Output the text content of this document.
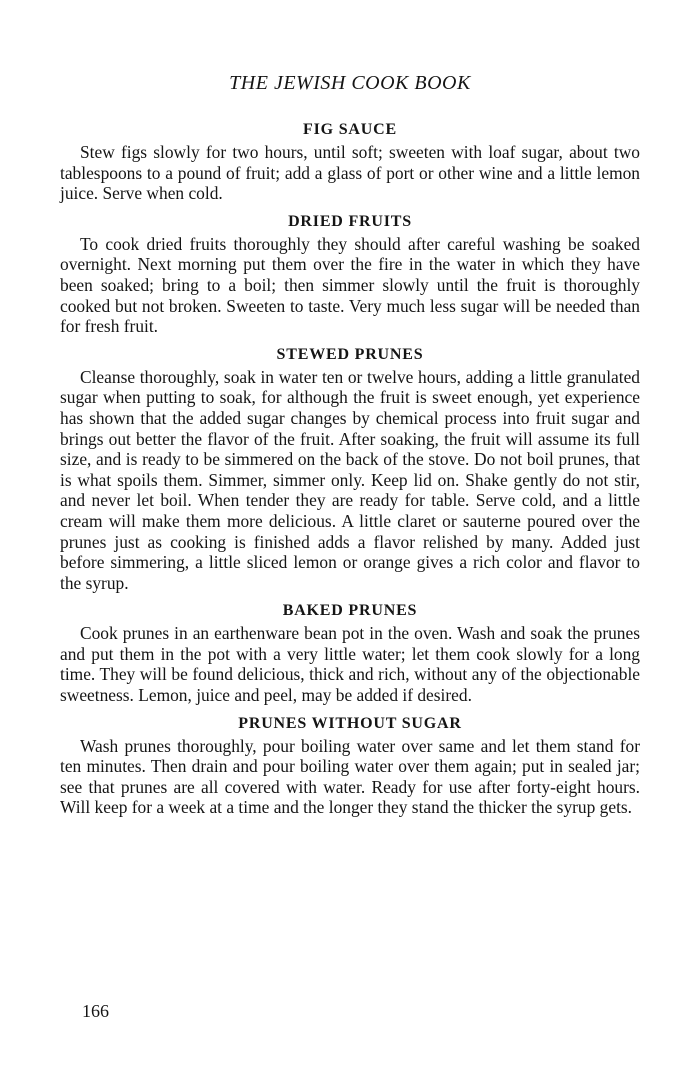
THE JEWISH COOK BOOK
FIG SAUCE

Stew figs slowly for two hours, until soft; sweeten with loaf sugar, about two tablespoons to a pound of fruit; add a glass of port or other wine and a little lemon juice. Serve when cold.

DRIED FRUITS

To cook dried fruits thoroughly they should after careful washing be soaked overnight. Next morning put them over the fire in the water in which they have been soaked; bring to a boil; then simmer slowly until the fruit is thoroughly cooked but not broken. Sweeten to taste. Very much less sugar will be needed than for fresh fruit.

STEWED PRUNES

Cleanse thoroughly, soak in water ten or twelve hours, adding a little granulated sugar when putting to soak, for although the fruit is sweet enough, yet experience has shown that the added sugar changes by chemical process into fruit sugar and brings out better the flavor of the fruit. After soaking, the fruit will assume its full size, and is ready to be simmered on the back of the stove. Do not boil prunes, that is what spoils them. Simmer, simmer only. Keep lid on. Shake gently do not stir, and never let boil. When tender they are ready for table. Serve cold, and a little cream will make them more delicious. A little claret or sauterne poured over the prunes just as cooking is finished adds a flavor relished by many. Added just before simmering, a little sliced lemon or orange gives a rich color and flavor to the syrup.

BAKED PRUNES

Cook prunes in an earthenware bean pot in the oven. Wash and soak the prunes and put them in the pot with a very little water; let them cook slowly for a long time. They will be found delicious, thick and rich, without any of the objectionable sweetness. Lemon, juice and peel, may be added if desired.

PRUNES WITHOUT SUGAR

Wash prunes thoroughly, pour boiling water over same and let them stand for ten minutes. Then drain and pour boiling water over them again; put in sealed jar; see that prunes are all covered with water. Ready for use after forty-eight hours. Will keep for a week at a time and the longer they stand the thicker the syrup gets.

166
